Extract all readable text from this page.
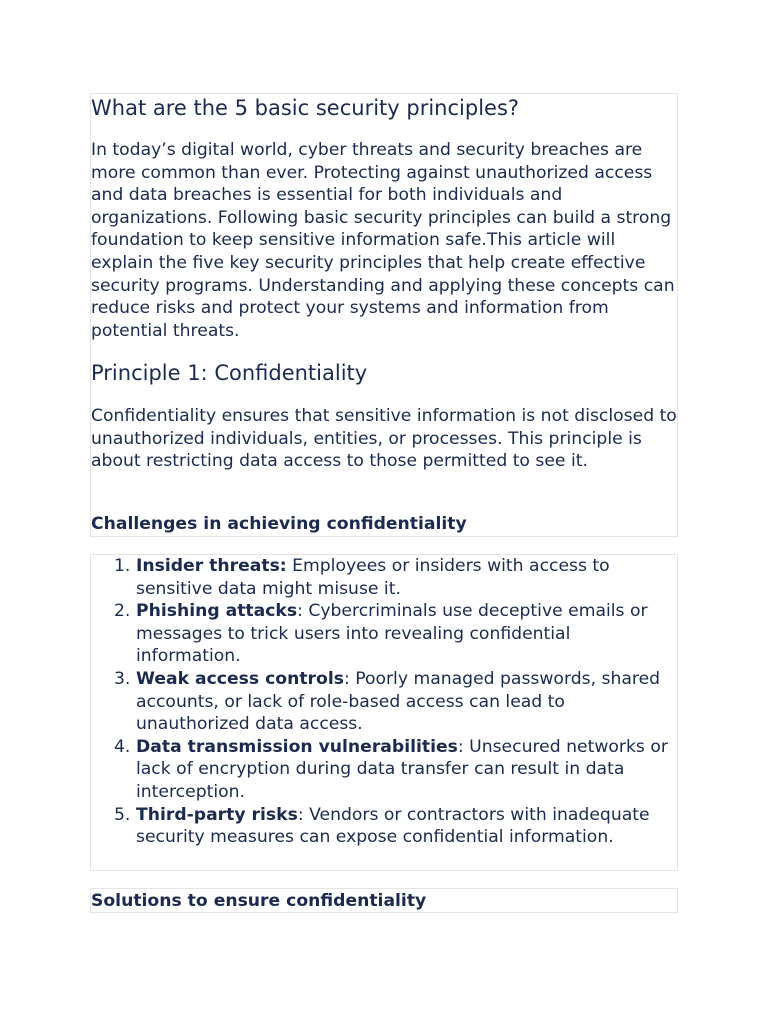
What are the 5 basic security principles?

In today’s digital world, cyber threats and security breaches are more common than ever. Protecting against unauthorized access and data breaches is essential for both individuals and organizations. Following basic security principles can build a strong foundation to keep sensitive information safe.This article will explain the five key security principles that help create effective security programs. Understanding and applying these concepts can reduce risks and protect your systems and information from potential threats.

Principle 1: Confidentiality

Confidentiality ensures that sensitive information is not disclosed to unauthorized individuals, entities, or processes. This principle is about restricting data access to those permitted to see it.

Challenges in achieving confidentiality
1. Insider threats: Employees or insiders with access to sensitive data might misuse it.
2. Phishing attacks: Cybercriminals use deceptive emails or messages to trick users into revealing confidential information.
3. Weak access controls: Poorly managed passwords, shared accounts, or lack of role-based access can lead to unauthorized data access.
4. Data transmission vulnerabilities: Unsecured networks or lack of encryption during data transfer can result in data interception.
5. Third-party risks: Vendors or contractors with inadequate security measures can expose confidential information.
Solutions to ensure confidentiality
